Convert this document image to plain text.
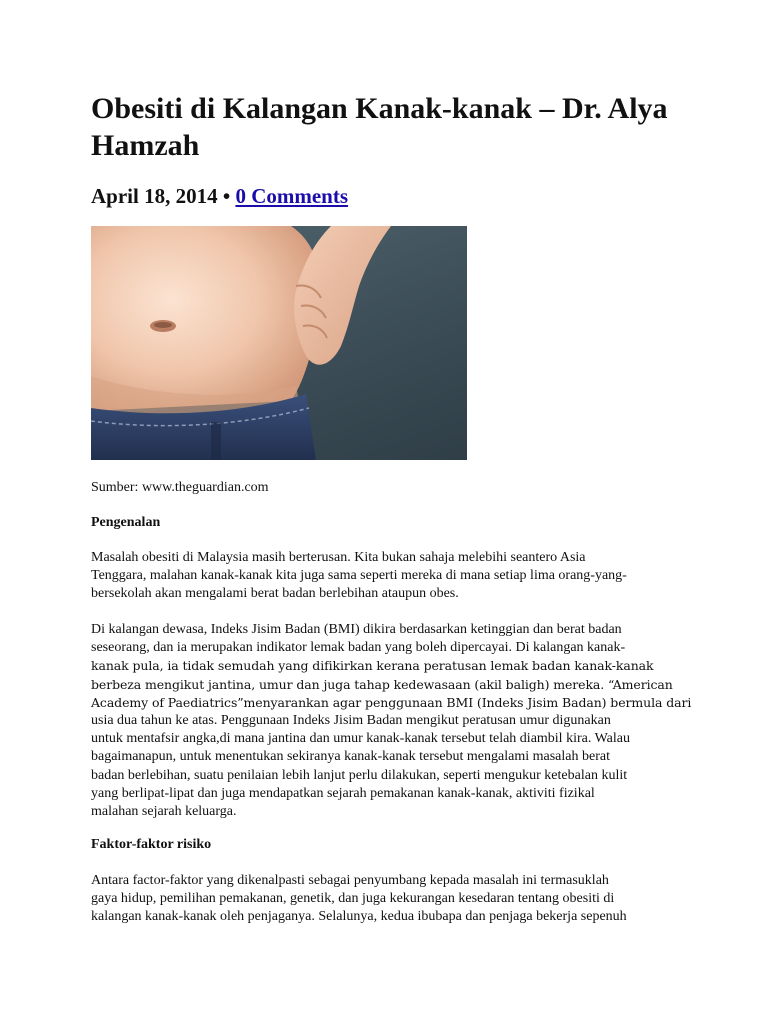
Obesiti di Kalangan Kanak-kanak – Dr. Alya Hamzah
April 18, 2014 • 0 Comments
Sumber: www.theguardian.com
Pengenalan
Masalah obesiti di Malaysia masih berterusan. Kita bukan sahaja melebihi seantero Asia
Tenggara, malahan kanak-kanak kita juga sama seperti mereka di mana setiap lima orang-yang-
bersekolah akan mengalami berat badan berlebihan ataupun obes.
Di kalangan dewasa, Indeks Jisim Badan (BMI) dikira berdasarkan ketinggian dan berat badan
seseorang, dan ia merupakan indikator lemak badan yang boleh dipercayai. Di kalangan kanak-
kanak pula, ia tidak semudah yang difikirkan kerana peratusan lemak badan kanak-kanak
berbeza mengikut jantina, umur dan juga tahap kedewasaan (akil baligh) mereka. “American
Academy of Paediatrics”menyarankan agar penggunaan BMI (Indeks Jisim Badan) bermula dari
usia dua tahun ke atas. Penggunaan Indeks Jisim Badan mengikut peratusan umur digunakan
untuk mentafsir angka,di mana jantina dan umur kanak-kanak tersebut telah diambil kira. Walau
bagaimanapun, untuk menentukan sekiranya kanak-kanak tersebut mengalami masalah berat
badan berlebihan, suatu penilaian lebih lanjut perlu dilakukan, seperti mengukur ketebalan kulit
yang berlipat-lipat dan juga mendapatkan sejarah pemakanan kanak-kanak, aktiviti fizikal
malahan sejarah keluarga.
Faktor-faktor risiko
Antara factor-faktor yang dikenalpasti sebagai penyumbang kepada masalah ini termasuklah
gaya hidup, pemilihan pemakanan, genetik, dan juga kekurangan kesedaran tentang obesiti di
kalangan kanak-kanak oleh penjaganya. Selalunya, kedua ibubapa dan penjaga bekerja sepenuh
